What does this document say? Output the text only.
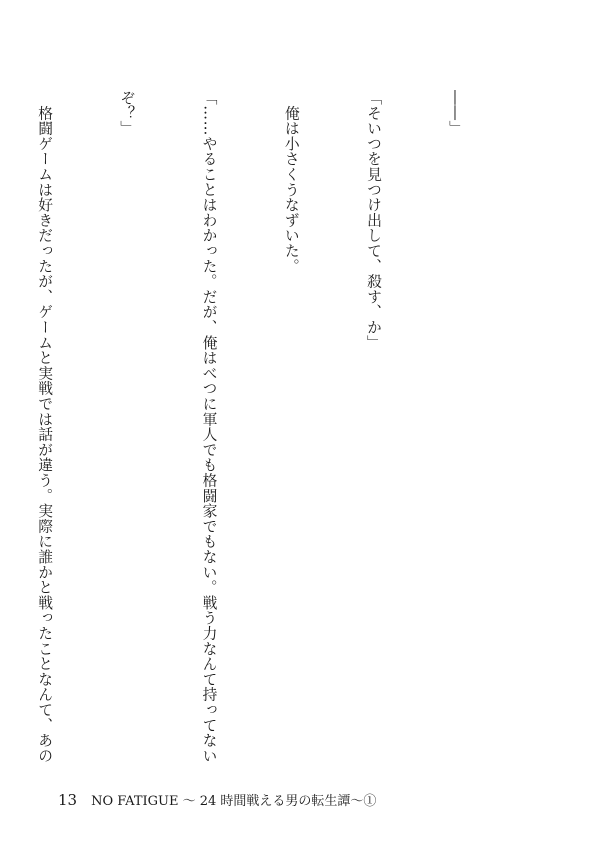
――」

「そいつを見つけ出して、殺す、か」

　俺は小さくうなずいた。

「……やることはわかった。だが、俺はべつに軍人でも格闘家でもない。戦う力なんて持ってない

ぞ？」

　格闘ゲームは好きだったが、ゲームと実戦では話が違う。実際に誰かと戦ったことなんて、あの

13 NO FATIGUE ～ 24 時間戦える男の転生譚～①
